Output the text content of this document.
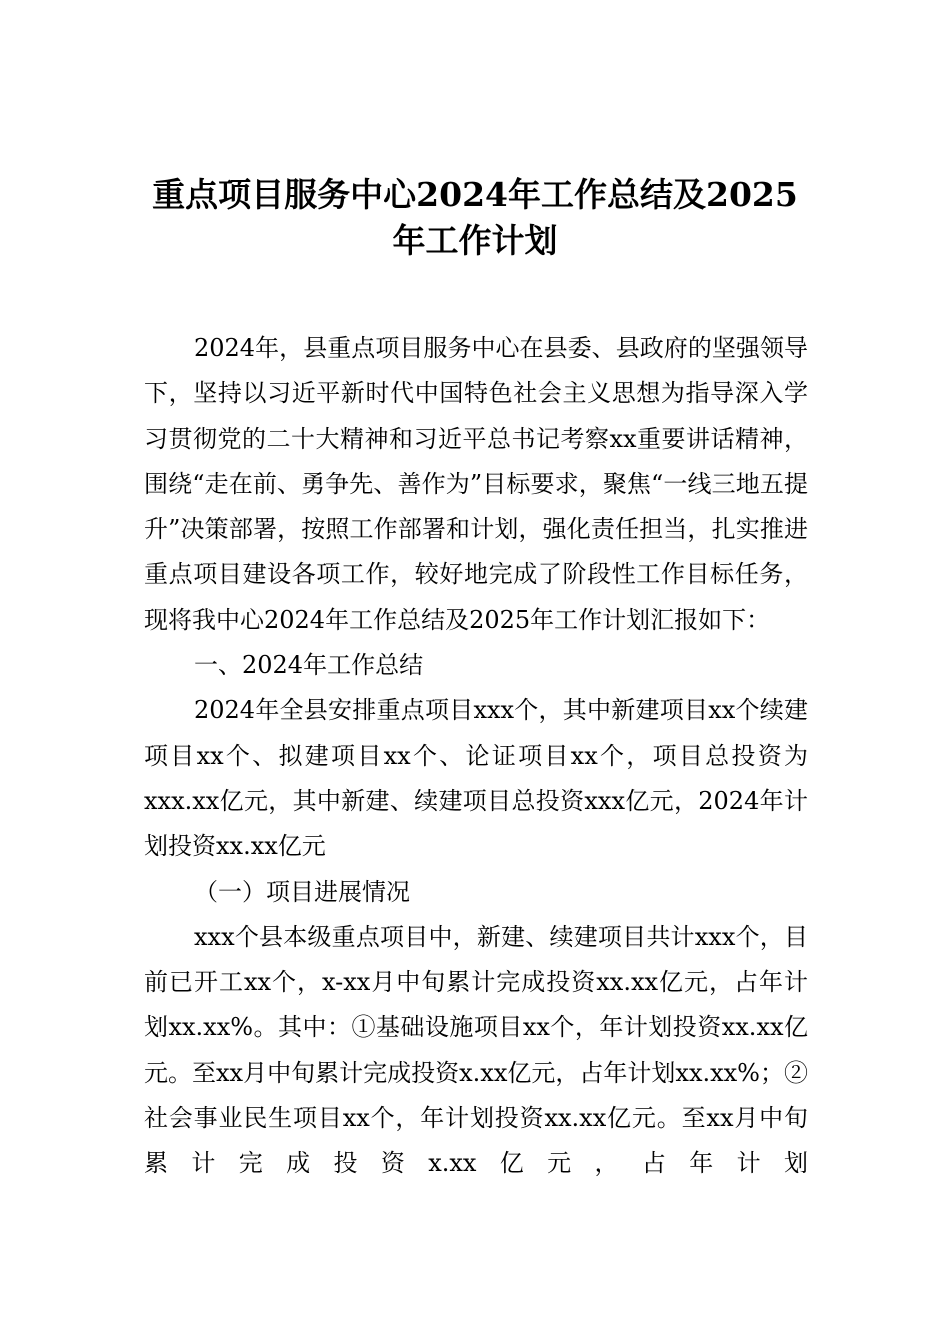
重点项目服务中心2024年工作总结及2025
年工作计划

2024年，县重点项目服务中心在县委、县政府的坚强领导下，坚持以习近平新时代中国特色社会主义思想为指导深入学习贯彻党的二十大精神和习近平总书记考察xx重要讲话精神，围绕“走在前、勇争先、善作为”目标要求，聚焦“一线三地五提升”决策部署，按照工作部署和计划，强化责任担当，扎实推进重点项目建设各项工作，较好地完成了阶段性工作目标任务，现将我中心2024年工作总结及2025年工作计划汇报如下：

一、2024年工作总结

2024年全县安排重点项目xxx个，其中新建项目xx个续建项目xx个、拟建项目xx个、论证项目xx个，项目总投资为xxx.xx亿元，其中新建、续建项目总投资xxx亿元，2024年计划投资xx.xx亿元

（一）项目进展情况

xxx个县本级重点项目中，新建、续建项目共计xxx个，目前已开工xx个，x-xx月中旬累计完成投资xx.xx亿元，占年计划xx.xx%。其中：①基础设施项目xx个，年计划投资xx.xx亿元。至xx月中旬累计完成投资x.xx亿元，占年计划xx.xx%；②社会事业民生项目xx个，年计划投资xx.xx亿元。至xx月中旬累计完成投资x.xx亿元，占年计划
